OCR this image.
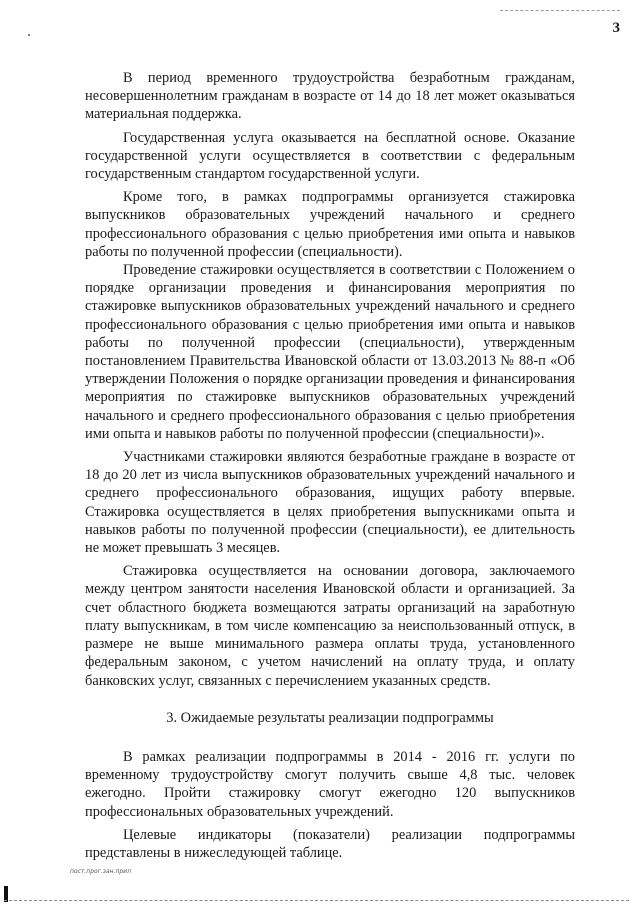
3

В период временного трудоустройства безработным гражданам, несовершеннолетним гражданам в возрасте от 14 до 18 лет может оказываться материальная поддержка.

Государственная услуга оказывается на бесплатной основе. Оказание государственной услуги осуществляется в соответствии с федеральным государственным стандартом государственной услуги.

Кроме того, в рамках подпрограммы организуется стажировка выпускников образовательных учреждений начального и среднего профессионального образования с целью приобретения ими опыта и навыков работы по полученной профессии (специальности).

Проведение стажировки осуществляется в соответствии с Положением о порядке организации проведения и финансирования мероприятия по стажировке выпускников образовательных учреждений начального и среднего профессионального образования с целью приобретения ими опыта и навыков работы по полученной профессии (специальности), утвержденным постановлением Правительства Ивановской области от 13.03.2013 № 88-п «Об утверждении Положения о порядке организации проведения и финансирования мероприятия по стажировке выпускников образовательных учреждений начального и среднего профессионального образования с целью приобретения ими опыта и навыков работы по полученной профессии (специальности)».

Участниками стажировки являются безработные граждане в возрасте от 18 до 20 лет из числа выпускников образовательных учреждений начального и среднего профессионального образования, ищущих работу впервые. Стажировка осуществляется в целях приобретения выпускниками опыта и навыков работы по полученной профессии (специальности), ее длительность не может превышать 3 месяцев.

Стажировка осуществляется на основании договора, заключаемого между центром занятости населения Ивановской области и организацией. За счет областного бюджета возмещаются затраты организаций на заработную плату выпускникам, в том числе компенсацию за неиспользованный отпуск, в размере не выше минимального размера оплаты труда, установленного федеральным законом, с учетом начислений на оплату труда, и оплату банковских услуг, связанных с перечислением указанных средств.

3. Ожидаемые результаты реализации подпрограммы

В рамках реализации подпрограммы в 2014 - 2016 гг. услуги по временному трудоустройству смогут получить свыше 4,8 тыс. человек ежегодно. Пройти стажировку смогут ежегодно 120 выпускников профессиональных образовательных учреждений.

Целевые индикаторы (показатели) реализации подпрограммы представлены в нижеследующей таблице.

пост.прог.зан.прил
